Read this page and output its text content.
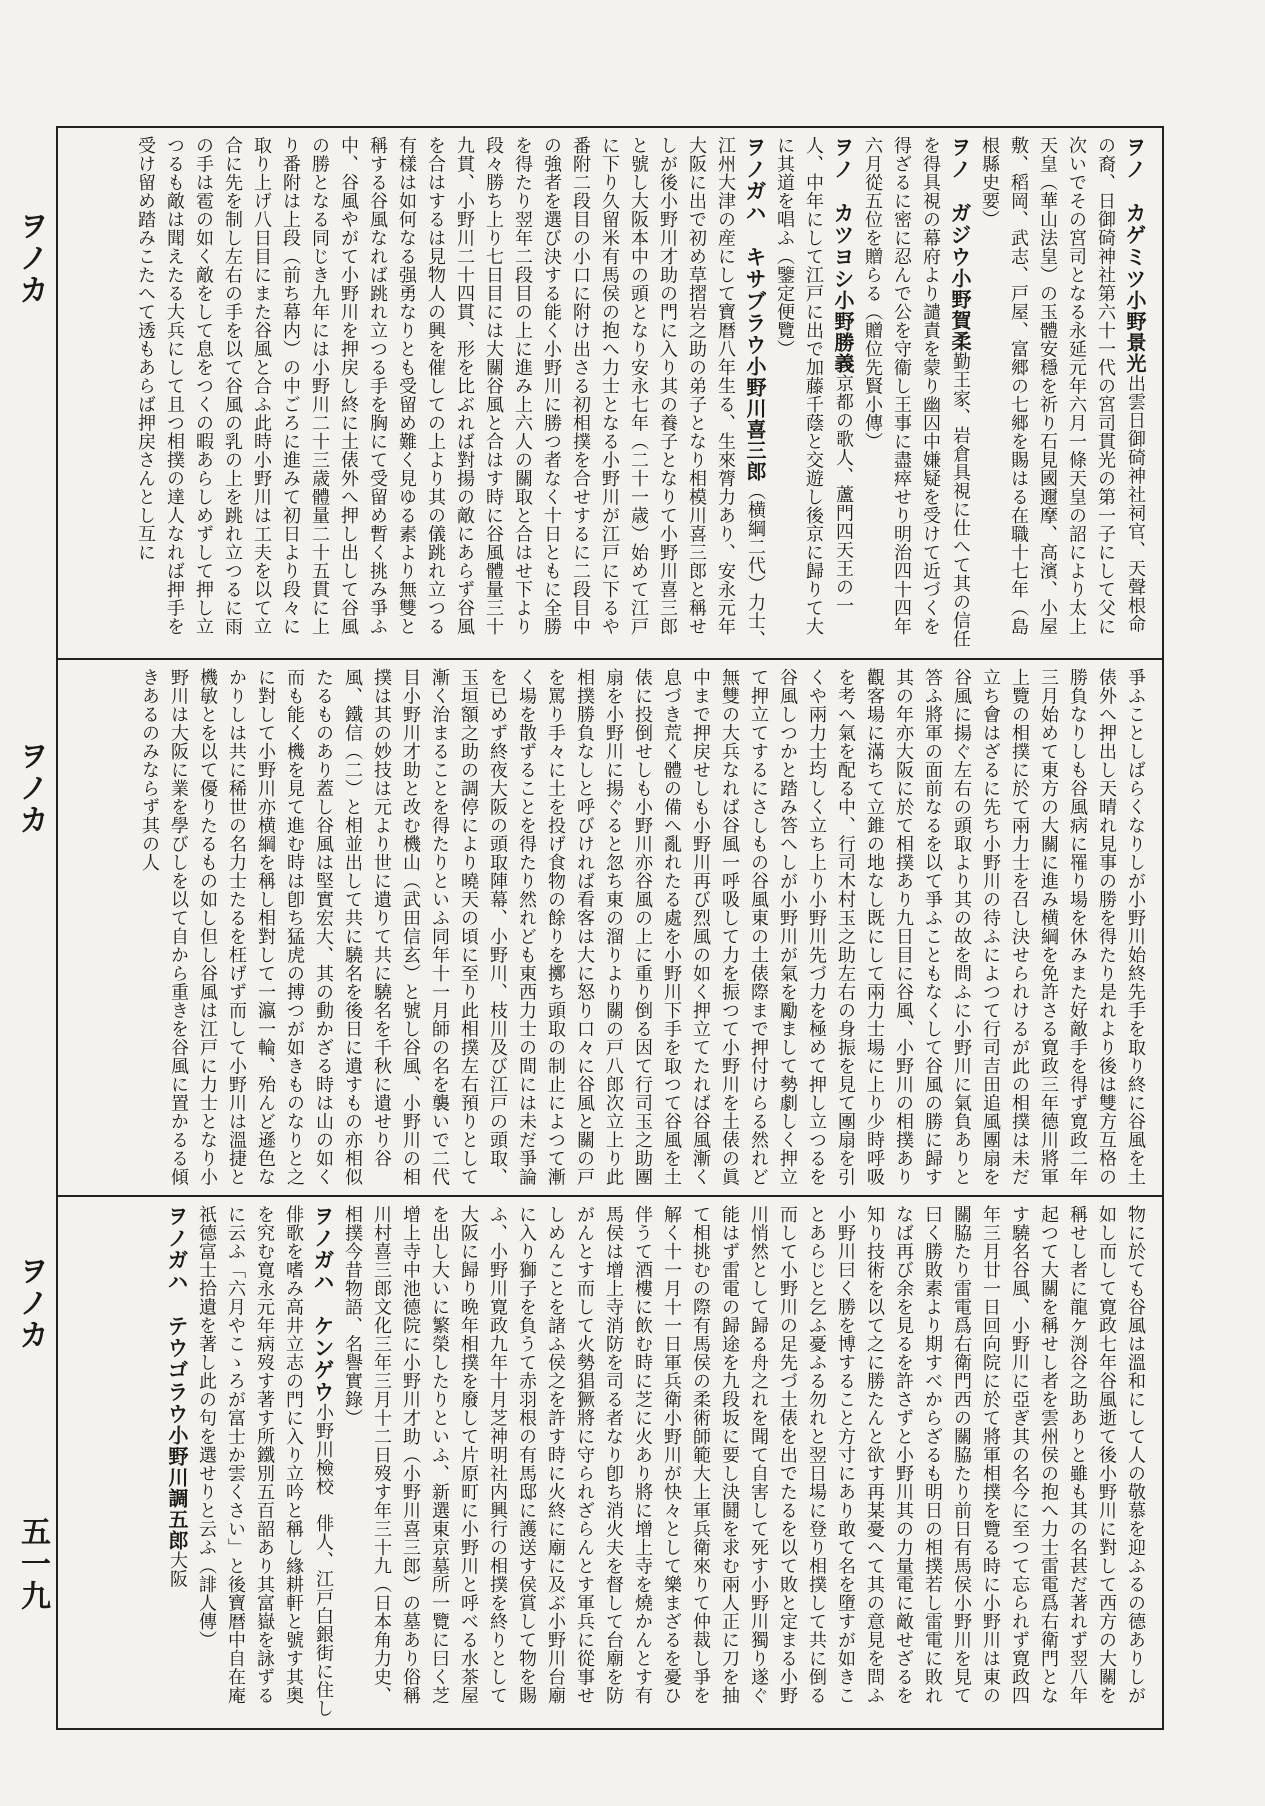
ヲノカ
ヲノカ
ヲノカ
五一九

ヲノ　カゲミツ小野景光出雲日御碕神社祠官、天聲根命の裔、日御碕神社第六十一代の宮司貫光の第一子にして父に次いでその宮司となる永延元年六月一條天皇の詔により太上天皇（華山法皇）の玉體安穩を祈り石見國邇摩、高濱、小屋敷、稻岡、武志、戸屋、富郷の七郷を賜はる在職十七年（島根縣史要）

ヲノ　ガジウ小野賀柔勤王家、岩倉具視に仕へて其の信任を得具視の幕府より譴責を蒙り幽囚中嫌疑を受けて近づくを得ざるに密に忍んで公を守衞し王事に盡瘁せり明治四十四年六月從五位を贈らる（贈位先賢小傳）

ヲノ　カツヨシ小野勝義京都の歌人、蘆門四天王の一人、中年にして江戸に出で加藤千蔭と交遊し後京に歸りて大に其道を唱ふ（鑒定便覽）

ヲノガハ　キサブラウ小野川喜三郎（横綱二代）力士、江州大津の産にして寶暦八年生る、生來膂力あり、安永元年大阪に出で初め草摺岩之助の弟子となり相模川喜三郎と稱せしが後小野川才助の門に入り其の養子となりて小野川喜三郎と號し大阪本中の頭となり安永七年（二十一歳）始めて江戸に下り久留米有馬侯の抱へ力士となる小野川が江戸に下るや番附二段目の小口に附け出さる初相撲を合せするに二段目中の強者を選び決する能く小野川に勝つ者なく十日ともに全勝を得たり翌年二段目の上に進み上六人の關取と合はせ下より段々勝ち上り七日目には大關谷風と合はす時に谷風體量三十九貫、小野川二十四貫、形を比ぶれば對揚の敵にあらず谷風を合はするは見物人の興を催しての上より其の儀跳れ立つる有樣は如何なる强勇なりとも受留め難く見ゆる素より無雙と稱する谷風なれば跳れ立つる手を胸にて受留め暫く挑み爭ふ中、谷風やがて小野川を押戻し終に土俵外へ押し出して谷風の勝となる同じき九年には小野川二十三歳體量二十五貫に上り番附は上段（前ち幕内）の中ごろに進みて初日より段々に取り上げ八日目にまた谷風と合ふ此時小野川は工夫を以て立合に先を制し左右の手を以て谷風の乳の上を跳れ立つるに雨の手は雹の如く敵をして息をつくの暇あらしめずして押し立つるも敵は聞えたる大兵にして且つ相撲の達人なれば押手を受け留め踏みこたへて透もあらば押戻さんとし互に

爭ふことしばらくなりしが小野川始終先手を取り終に谷風を土俵外へ押出し天晴れ見事の勝を得たり是れより後は雙方互格の勝負なりしも谷風病に罹り場を休みまた好敵手を得ず寛政二年三月始めて東方の大關に進み横綱を免許さる寛政三年德川將軍上覽の相撲に於て兩力士を召し決せられけるが此の相撲は未だ立ち會はざるに先ち小野川の待ふによつて行司吉田追風團扇を谷風に揚ぐ左右の頭取より其の故を問ふに小野川に氣負ありと答ふ將軍の面前なるを以て爭ふこともなくして谷風の勝に歸す其の年亦大阪に於て相撲あり九日目に谷風、小野川の相撲あり觀客場に滿ちて立錐の地なし既にして兩力士場に上り少時呼吸を考へ氣を配る中、行司木村玉之助左右の身振を見て團扇を引くや兩力士均しく立ち上り小野川先づ力を極めて押し立つるを谷風しつかと踏み答へしが小野川が氣を勵まして勢劇しく押立て押立てするにさしもの谷風東の土俵際まで押付けらる然れど無雙の大兵なれば谷風一呼吸して力を振つて小野川を土俵の眞中まで押戻せしも小野川再び烈風の如く押立てたれば谷風漸く息づき荒く體の備へ亂れたる處を小野川下手を取つて谷風を土俵に投倒せしも小野川亦谷風の上に重り倒る因て行司玉之助團扇を小野川に揚ぐると忽ち東の溜りより關の戸八郎次立上り此相撲勝負なしと呼びければ看客は大に怒り口々に谷風と關の戸を罵り手々に土を投げ食物の餘りを擲ち頭取の制止によつて漸く場を散ずることを得たり然れども東西力士の間には未だ爭論を已めず終夜大阪の頭取陣幕、小野川、枝川及び江戸の頭取、玉垣額之助の調停により曉天の頃に至り此相撲左右預りとして漸く治まることを得たりといふ同年十一月師の名を襲いで二代目小野川才助と改む機山（武田信玄）と號し谷風、小野川の相撲は其の妙技は元より世に遺りて共に驍名を千秋に遺せり谷風、鐵信（二）と相並出して共に驍名を後日に遺すもの亦相似たるものあり蓋し谷風は堅實宏大、其の動かざる時は山の如く而も能く機を見て進む時は卽ち猛虎の搏つが如きものなりと之に對して小野川亦横綱を稱し相對して一瀛一輪、殆んど遜色なかりしは共に稀世の名力士たるを枉げず而して小野川は溫捷と機敏とを以て優りたるもの如し但し谷風は江戸に力士となり小野川は大阪に業を學びしを以て自から重きを谷風に置かるる傾きあるのみならず其の人

物に於ても谷風は溫和にして人の敬慕を迎ふるの德ありしが如し而して寛政七年谷風逝て後小野川に對して西方の大關を稱せし者に龍ケ渕谷之助ありと雖も其の名甚だ著れず翌八年起つて大關を稱せし者を雲州侯の抱へ力士雷電爲右衛門となす驍名谷風、小野川に亞ぎ其の名今に至つて忘られず寛政四年三月廿一日回向院に於て將軍相撲を覽る時に小野川は東の關脇たり雷電爲右衛門西の關脇たり前日有馬侯小野川を見て曰く勝敗素より期すべからざるも明日の相撲若し雷電に敗れなば再び余を見るを許さずと小野川其の力量電に敵せざるを知り技術を以て之に勝たんと欲す再某憂へて其の意見を問ふ小野川曰く勝を博すること方寸にあり敢て名を墮すが如きことあらじと乞ふ憂ふる勿れと翌日場に登り相撲して共に倒る而して小野川の足先づ土俵を出でたるを以て敗と定まる小野川悄然として歸る舟之れを聞て自害して死す小野川獨り遂ぐ能はず雷電の歸途を九段坂に要し決鬪を求む兩人正に刀を抽て相挑むの際有馬侯の柔術師範大上軍兵衛來りて仲裁し爭を解く十一月十一日軍兵衛小野川が快々として樂まざるを憂ひ伴うて酒樓に飲む時に芝に火あり將に增上寺を燒かんとす有馬侯は增上寺消防を司る者なり卽ち消火夫を督して台廟を防がんとす而して火勢猖獗將に守られざらんとす軍兵に從事せしめんことを諸ふ侯之を許す時に火終に廟に及ぶ小野川台廟に入り獅子を負うて赤羽根の有馬邸に護送す侯賞して物を賜ふ、小野川寛政九年十月芝神明社内興行の相撲を終りとして大阪に歸り晩年相撲を廢して片原町に小野川と呼べる水茶屋を出し大いに繁榮したりといふ、新選東京墓所一覽に曰く芝增上寺中池德院に小野川才助（小野川喜三郎）の墓あり俗稱川村喜三郎文化三年三月十二日歿す年三十九（日本角力史、相撲今昔物語、名譽實錄）

ヲノガハ　ケンゲウ小野川檢校　俳人、江戸白銀街に住し俳歌を嗜み高井立志の門に入り立吟と稱し緣耕軒と號す其奥を究む寛永元年病歿す著す所鐵別五百韶あり其富嶽を詠ずるに云ふ「六月やこゝろが富士か雲くさい」と後寶暦中自在庵祇德富士拾遺を著し此の句を選せりと云ふ（誹人傳）

ヲノガハ　テウゴラウ小野川調五郎大阪
